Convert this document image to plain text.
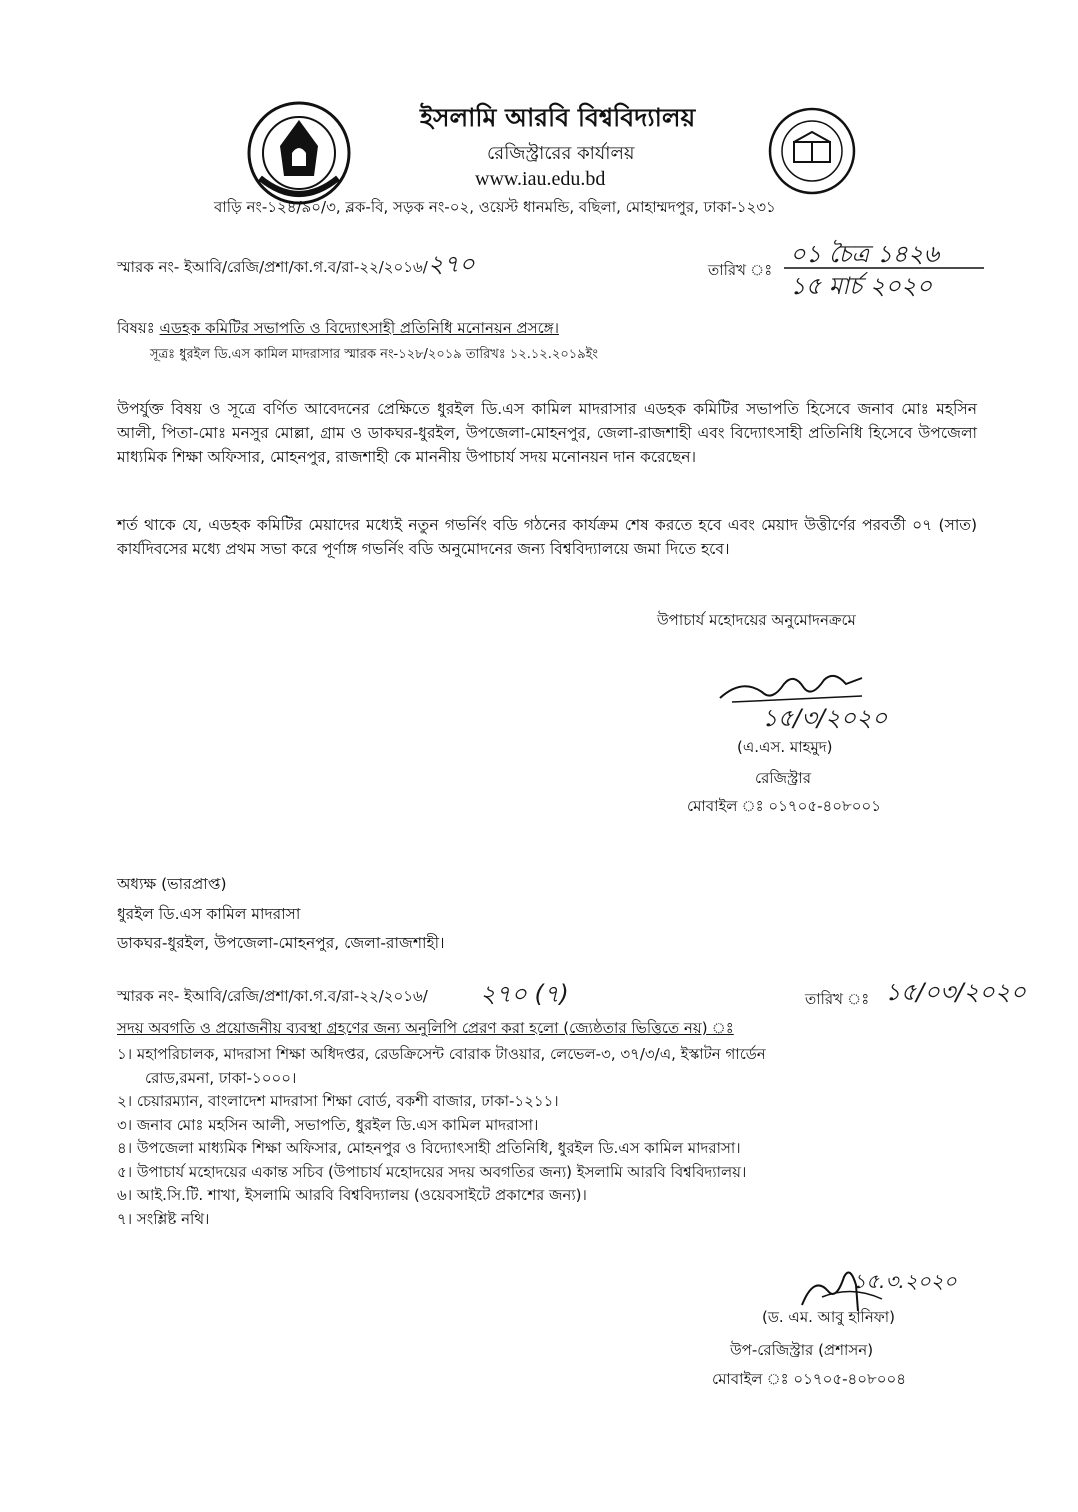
ইসলামি আরবি বিশ্ববিদ্যালয়
রেজিস্ট্রারের কার্যালয়
www.iau.edu.bd
বাড়ি নং-১২৪/৯০/৩, ব্লক-বি, সড়ক নং-০২, ওয়েস্ট ধানমন্ডি, বছিলা, মোহাম্মদপুর, ঢাকা-১২৩১
স্মারক নং- ইআবি/রেজি/প্রশা/কা.গ.ব/রা-২২/২০১৬/২৭০	তারিখ ঃ
০১ চৈত্র ১৪২৬
১৫ মার্চ ২০২০
বিষয়ঃ এডহক কমিটির সভাপতি ও বিদ্যোৎসাহী প্রতিনিধি মনোনয়ন প্রসঙ্গে।
সূত্রঃ ধুরইল ডি.এস কামিল মাদরাসার স্মারক নং-১২৮/২০১৯ তারিখঃ ১২.১২.২০১৯ইং
উপর্যুক্ত বিষয় ও সূত্রে বর্ণিত আবেদনের প্রেক্ষিতে ধুরইল ডি.এস কামিল মাদরাসার এডহক কমিটির সভাপতি হিসেবে জনাব মোঃ মহসিন আলী, পিতা-মোঃ মনসুর মোল্লা, গ্রাম ও ডাকঘর-ধুরইল, উপজেলা-মোহনপুর, জেলা-রাজশাহী এবং বিদ্যোৎসাহী প্রতিনিধি হিসেবে উপজেলা মাধ্যমিক শিক্ষা অফিসার, মোহনপুর, রাজশাহী কে মাননীয় উপাচার্য সদয় মনোনয়ন দান করেছেন।
শর্ত থাকে যে, এডহক কমিটির মেয়াদের মধ্যেই নতুন গভর্নিং বডি গঠনের কার্যক্রম শেষ করতে হবে এবং মেয়াদ উত্তীর্ণের পরবর্তী ০৭ (সাত) কার্যদিবসের মধ্যে প্রথম সভা করে পূর্ণাঙ্গ গভর্নিং বডি অনুমোদনের জন্য বিশ্ববিদ্যালয়ে জমা দিতে হবে।
উপাচার্য মহোদয়ের অনুমোদনক্রমে
১৫/৩/২০২০
(এ.এস. মাহমুদ)
রেজিস্ট্রার
মোবাইল ঃ ০১৭০৫-৪০৮০০১
অধ্যক্ষ (ভারপ্রাপ্ত)
ধুরইল ডি.এস কামিল মাদরাসা
ডাকঘর-ধুরইল, উপজেলা-মোহনপুর, জেলা-রাজশাহী।
স্মারক নং- ইআবি/রেজি/প্রশা/কা.গ.ব/রা-২২/২০১৬/ ২৭০ (৭)	তারিখ ঃ ১৫/০৩/২০২০
সদয় অবগতি ও প্রয়োজনীয় ব্যবস্থা গ্রহণের জন্য অনুলিপি প্রেরণ করা হলো (জ্যেষ্ঠতার ভিত্তিতে নয়) ঃ
১। মহাপরিচালক, মাদরাসা শিক্ষা অধিদপ্তর, রেডক্রিসেন্ট বোরাক টাওয়ার, লেভেল-৩, ৩৭/৩/এ, ইস্কাটন গার্ডেন
রোড,রমনা, ঢাকা-১০০০।
২। চেয়ারম্যান, বাংলাদেশ মাদরাসা শিক্ষা বোর্ড, বকশী বাজার, ঢাকা-১২১১।
৩। জনাব মোঃ মহসিন আলী, সভাপতি, ধুরইল ডি.এস কামিল মাদরাসা।
৪। উপজেলা মাধ্যমিক শিক্ষা অফিসার, মোহনপুর ও বিদ্যোৎসাহী প্রতিনিধি, ধুরইল ডি.এস কামিল মাদরাসা।
৫। উপাচার্য মহোদয়ের একান্ত সচিব (উপাচার্য মহোদয়ের সদয় অবগতির জন্য) ইসলামি আরবি বিশ্ববিদ্যালয়।
৬। আই.সি.টি. শাখা, ইসলামি আরবি বিশ্ববিদ্যালয় (ওয়েবসাইটে প্রকাশের জন্য)।
৭। সংশ্লিষ্ট নথি।
১৫.৩.২০২০
(ড. এম. আবু হানিফা)
উপ-রেজিস্ট্রার (প্রশাসন)
মোবাইল ঃ ০১৭০৫-৪০৮০০৪
